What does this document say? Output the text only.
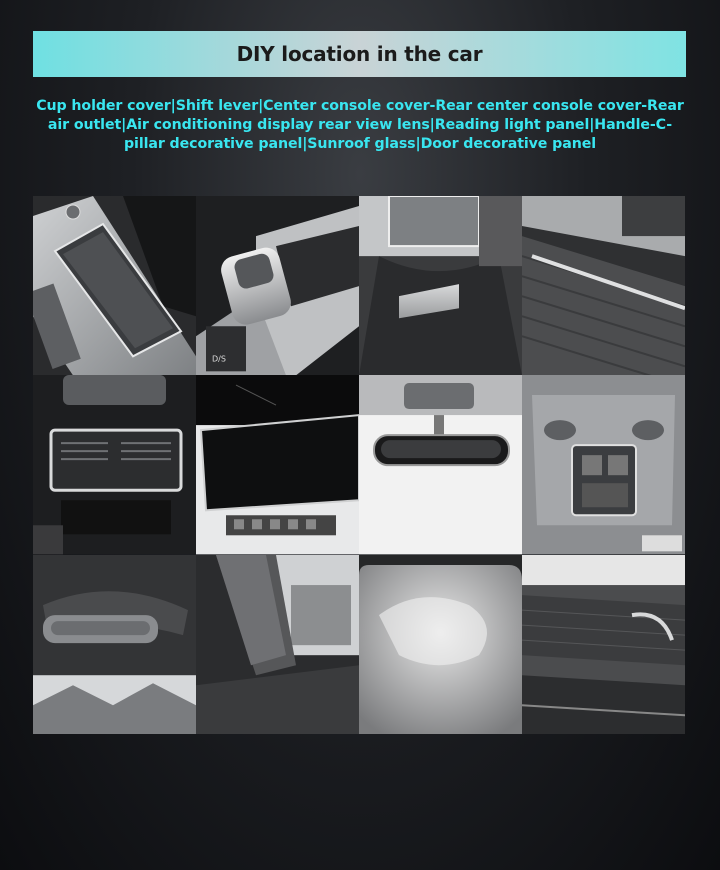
DIY location in the car
Cup holder cover|Shift lever|Center console cover-Rear center console cover-Rear air outlet|Air conditioning display rear view lens|Reading light panel|Handle-C-pillar decorative panel|Sunroof glass|Door decorative panel
D/S
